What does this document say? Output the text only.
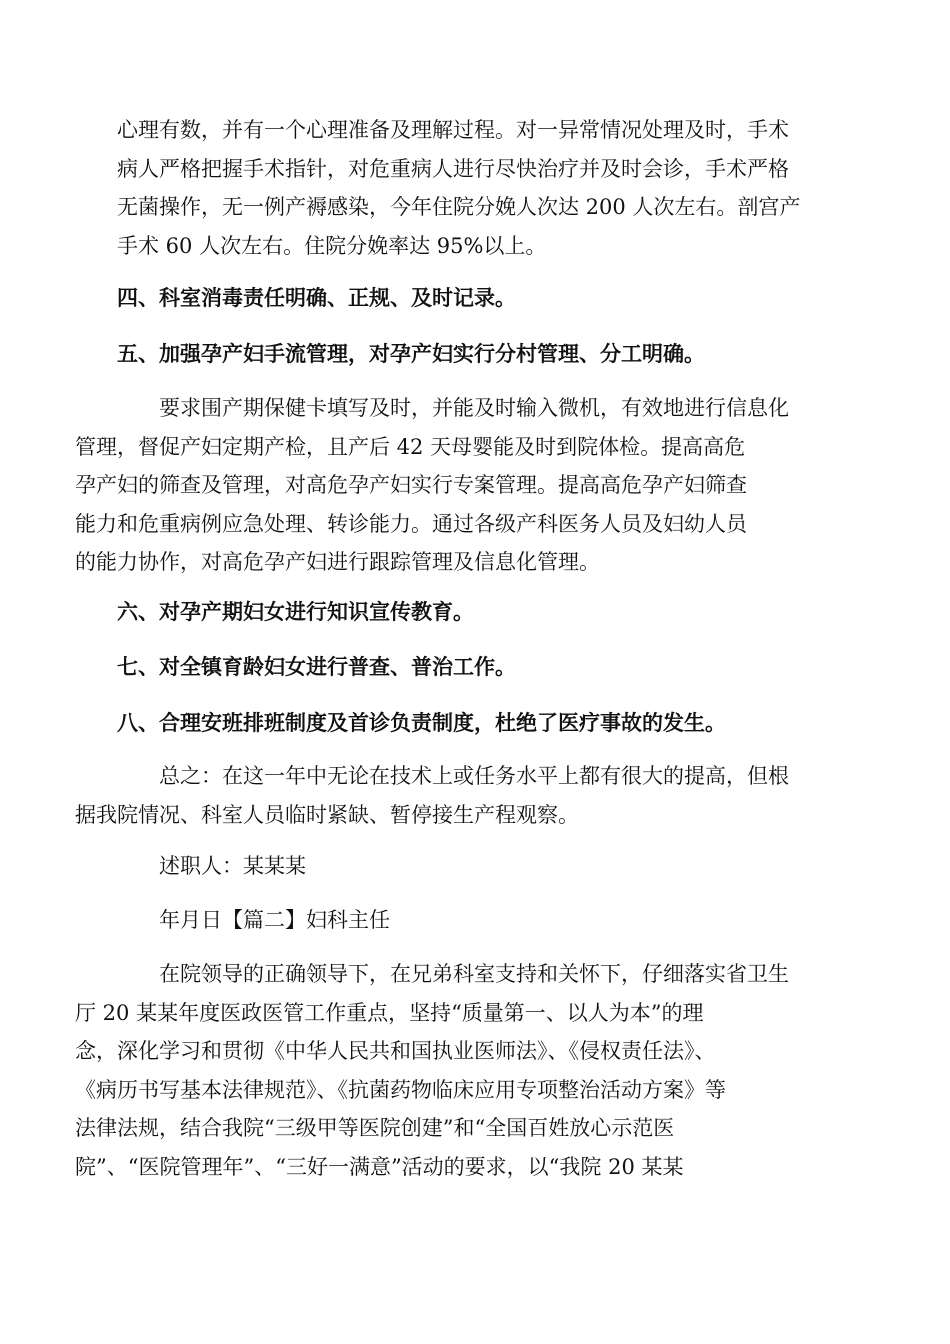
心理有数，并有一个心理准备及理解过程。对一异常情况处理及时，手术
病人严格把握手术指针，对危重病人进行尽快治疗并及时会诊，手术严格
无菌操作，无一例产褥感染，今年住院分娩人次达 200 人次左右。剖宫产
手术 60 人次左右。住院分娩率达 95%以上。

四、科室消毒责任明确、正规、及时记录。

五、加强孕产妇手流管理，对孕产妇实行分村管理、分工明确。

要求围产期保健卡填写及时，并能及时输入微机，有效地进行信息化
管理，督促产妇定期产检，且产后 42 天母婴能及时到院体检。提高高危
孕产妇的筛查及管理，对高危孕产妇实行专案管理。提高高危孕产妇筛查
能力和危重病例应急处理、转诊能力。通过各级产科医务人员及妇幼人员
的能力协作，对高危孕产妇进行跟踪管理及信息化管理。

六、对孕产期妇女进行知识宣传教育。

七、对全镇育龄妇女进行普查、普治工作。

八、合理安班排班制度及首诊负责制度，杜绝了医疗事故的发生。

总之：在这一年中无论在技术上或任务水平上都有很大的提高，但根
据我院情况、科室人员临时紧缺、暂停接生产程观察。

述职人：某某某

年月日【篇二】妇科主任

在院领导的正确领导下，在兄弟科室支持和关怀下，仔细落实省卫生
厅 20 某某年度医政医管工作重点，坚持“质量第一、以人为本”的理
念，深化学习和贯彻《中华人民共和国执业医师法》、《侵权责任法》、
《病历书写基本法律规范》、《抗菌药物临床应用专项整治活动方案》等
法律法规，结合我院“三级甲等医院创建”和“全国百姓放心示范医
院”、“医院管理年”、“三好一满意”活动的要求，以“我院 20 某某
